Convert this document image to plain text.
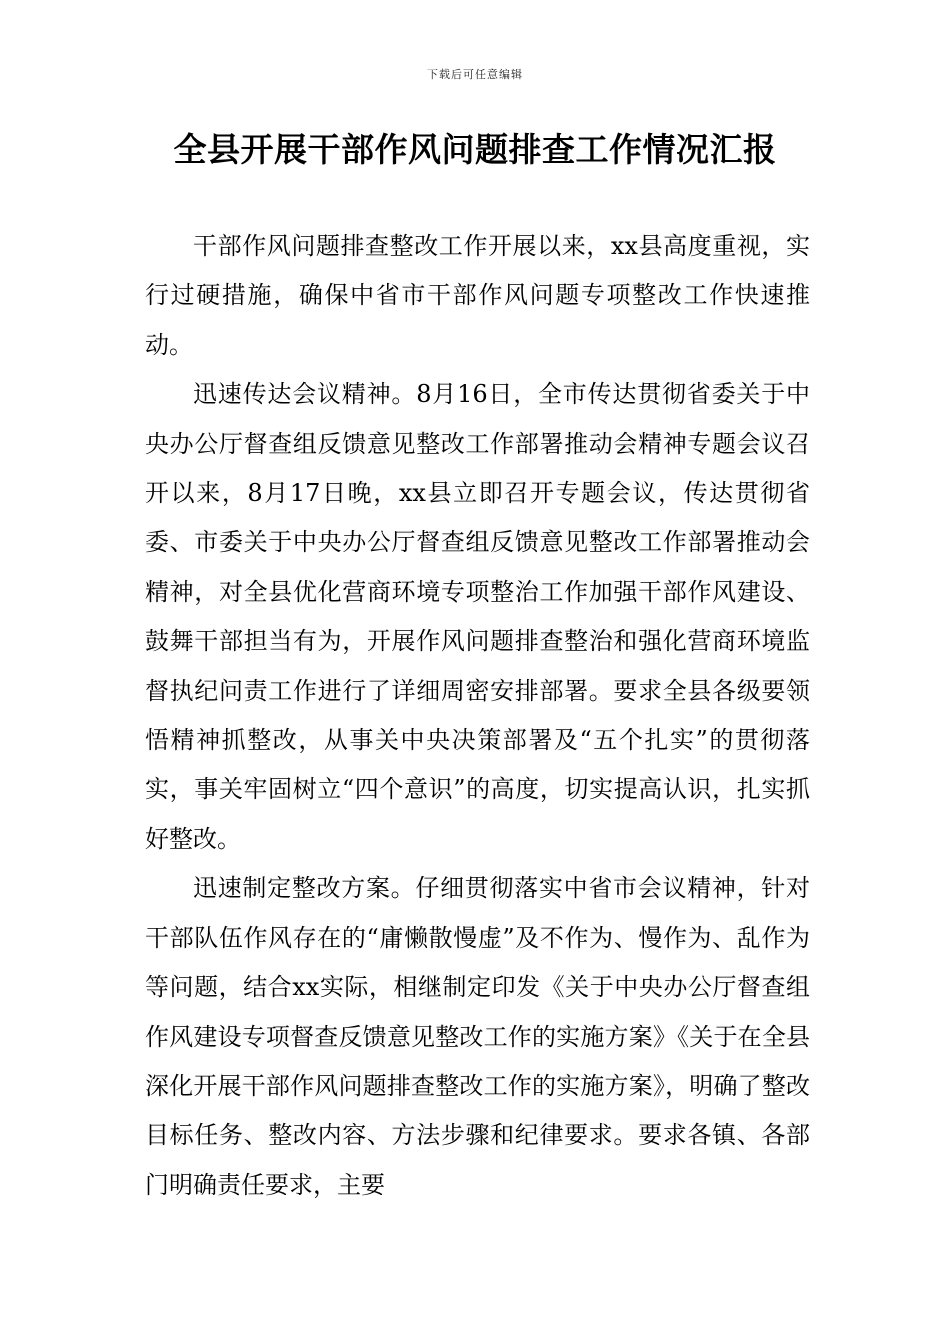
下载后可任意编辑
全县开展干部作风问题排查工作情况汇报

干部作风问题排查整改工作开展以来，xx县高度重视，实行过硬措施，确保中省市干部作风问题专项整改工作快速推动。

迅速传达会议精神。8月16日，全市传达贯彻省委关于中央办公厅督查组反馈意见整改工作部署推动会精神专题会议召开以来，8月17日晚，xx县立即召开专题会议，传达贯彻省委、市委关于中央办公厅督查组反馈意见整改工作部署推动会精神，对全县优化营商环境专项整治工作加强干部作风建设、鼓舞干部担当有为，开展作风问题排查整治和强化营商环境监督执纪问责工作进行了详细周密安排部署。要求全县各级要领悟精神抓整改，从事关中央决策部署及“五个扎实”的贯彻落实，事关牢固树立“四个意识”的高度，切实提高认识，扎实抓好整改。

迅速制定整改方案。仔细贯彻落实中省市会议精神，针对干部队伍作风存在的“庸懒散慢虚”及不作为、慢作为、乱作为等问题，结合xx实际，相继制定印发《关于中央办公厅督查组作风建设专项督查反馈意见整改工作的实施方案》《关于在全县深化开展干部作风问题排查整改工作的实施方案》，明确了整改目标任务、整改内容、方法步骤和纪律要求。要求各镇、各部门明确责任要求，主要
